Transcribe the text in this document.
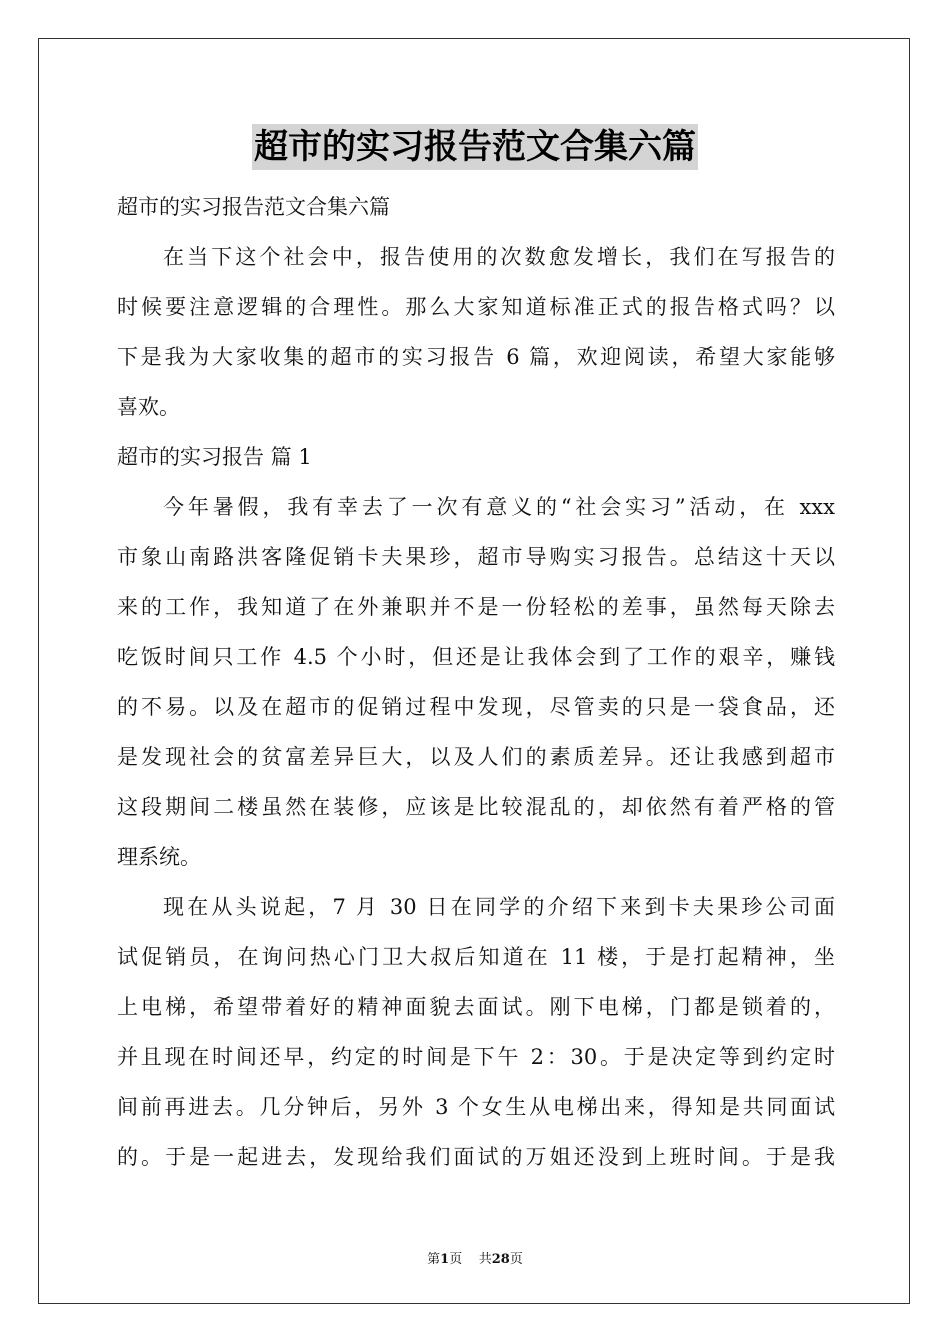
超市的实习报告范文合集六篇
超市的实习报告范文合集六篇
在当下这个社会中，报告使用的次数愈发增长，我们在写报告的
时候要注意逻辑的合理性。那么大家知道标准正式的报告格式吗？以
下是我为大家收集的超市的实习报告 6 篇，欢迎阅读，希望大家能够
喜欢。
超市的实习报告 篇 1
今年暑假，我有幸去了一次有意义的“社会实习”活动，在 xxx
市象山南路洪客隆促销卡夫果珍，超市导购实习报告。总结这十天以
来的工作，我知道了在外兼职并不是一份轻松的差事，虽然每天除去
吃饭时间只工作 4.5 个小时，但还是让我体会到了工作的艰辛，赚钱
的不易。以及在超市的促销过程中发现，尽管卖的只是一袋食品，还
是发现社会的贫富差异巨大，以及人们的素质差异。还让我感到超市
这段期间二楼虽然在装修，应该是比较混乱的，却依然有着严格的管
理系统。
现在从头说起，7 月 30 日在同学的介绍下来到卡夫果珍公司面
试促销员，在询问热心门卫大叔后知道在 11 楼，于是打起精神，坐
上电梯，希望带着好的精神面貌去面试。刚下电梯，门都是锁着的，
并且现在时间还早，约定的时间是下午 2：30。于是决定等到约定时
间前再进去。几分钟后，另外 3 个女生从电梯出来，得知是共同面试
的。于是一起进去，发现给我们面试的万姐还没到上班时间。于是我
第1页    共28页
